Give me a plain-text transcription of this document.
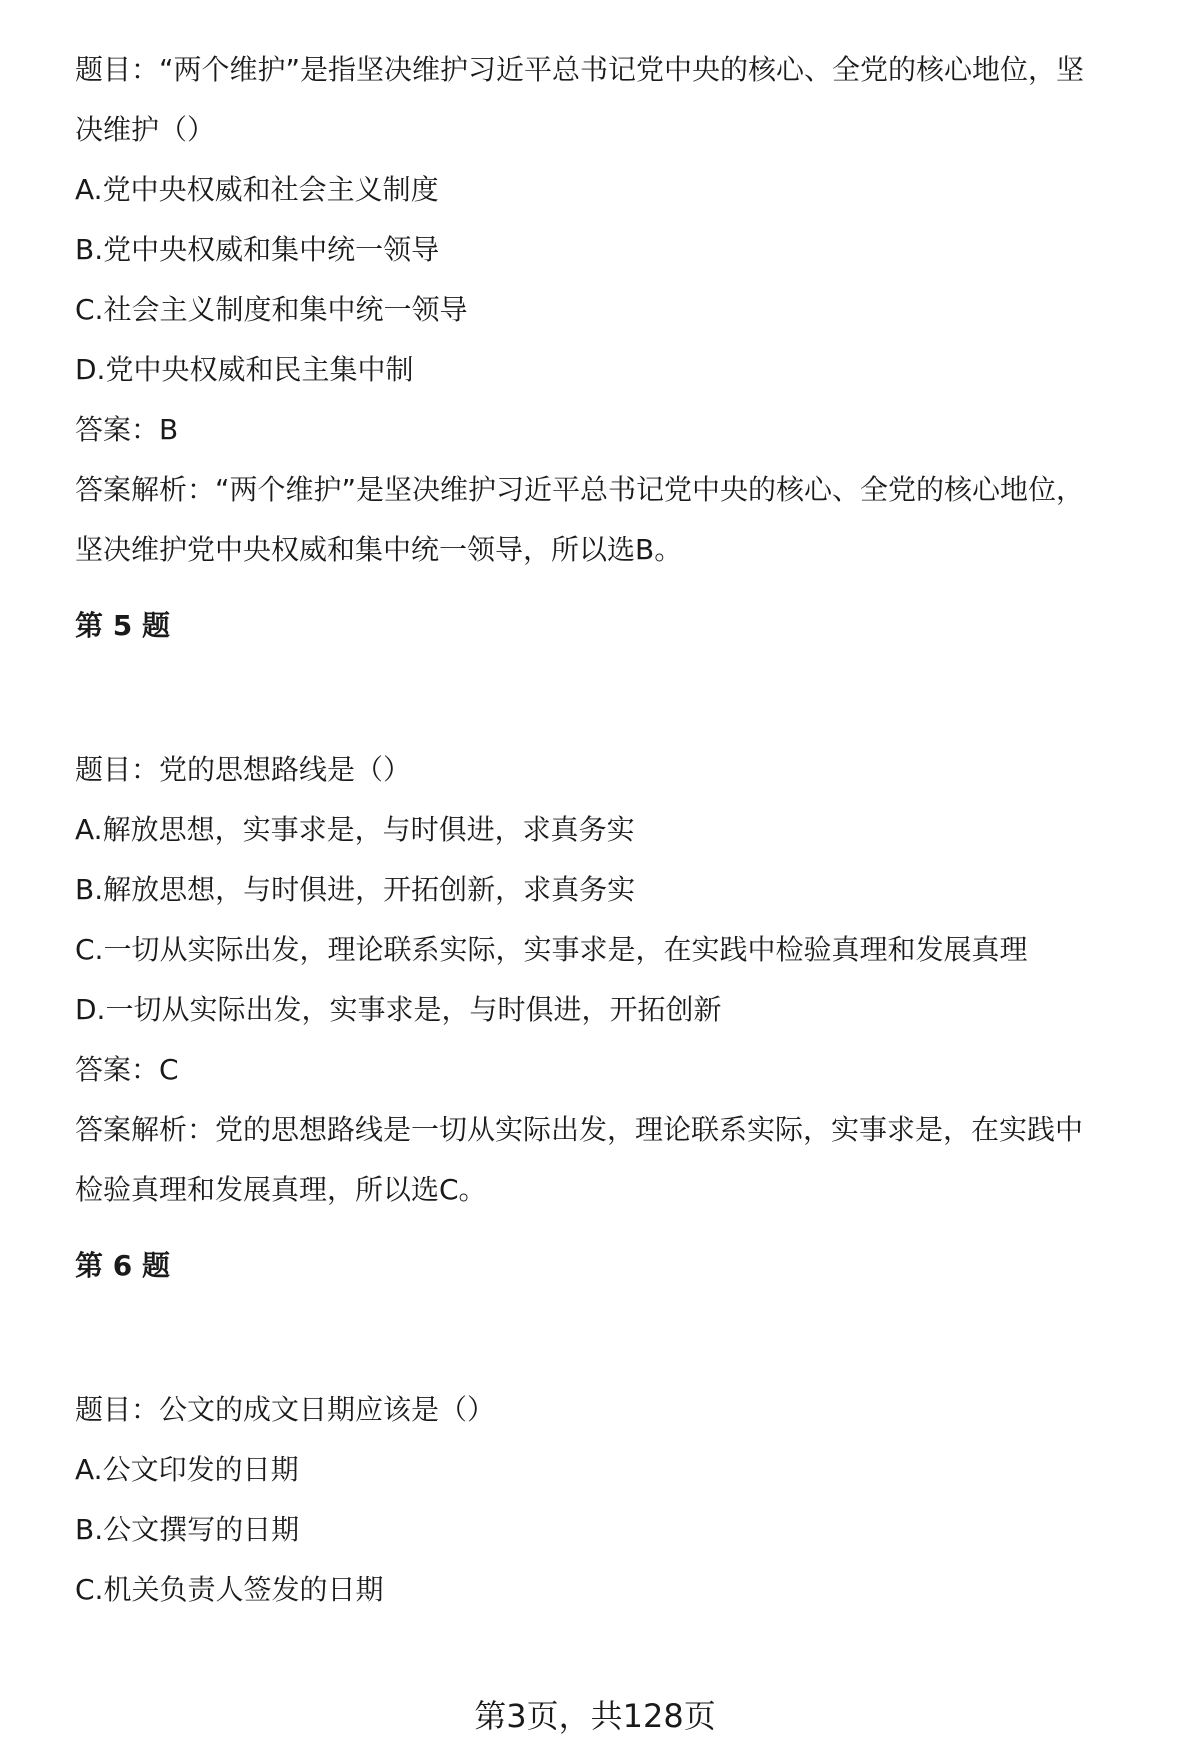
题目：“两个维护”是指坚决维护习近平总书记党中央的核心、全党的核心地位，坚
决维护（）
A.党中央权威和社会主义制度
B.党中央权威和集中统一领导
C.社会主义制度和集中统一领导
D.党中央权威和民主集中制
答案：B
答案解析：“两个维护”是坚决维护习近平总书记党中央的核心、全党的核心地位，
坚决维护党中央权威和集中统一领导，所以选B。
第 5 题
题目：党的思想路线是（）
A.解放思想，实事求是，与时俱进，求真务实
B.解放思想，与时俱进，开拓创新，求真务实
C.一切从实际出发，理论联系实际，实事求是，在实践中检验真理和发展真理
D.一切从实际出发，实事求是，与时俱进，开拓创新
答案：C
答案解析：党的思想路线是一切从实际出发，理论联系实际，实事求是，在实践中
检验真理和发展真理，所以选C。
第 6 题
题目：公文的成文日期应该是（）
A.公文印发的日期
B.公文撰写的日期
C.机关负责人签发的日期
第3页，共128页
